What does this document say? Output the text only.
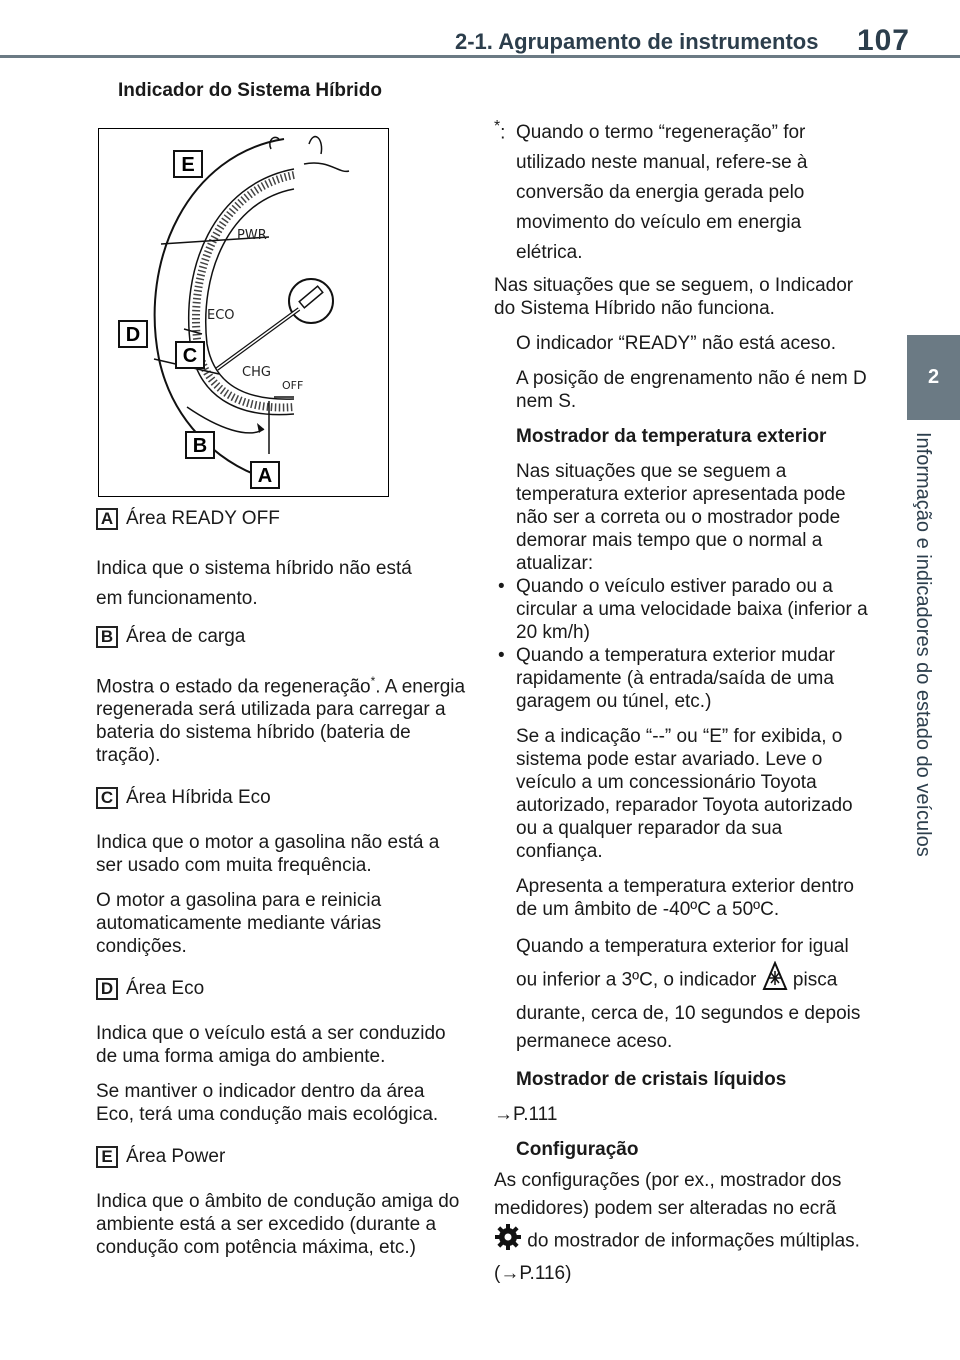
2-1. Agrupamento de instrumentos 107
2
Informação e indicadores do estado do veículos
Indicador do Sistema Híbrido
PWR
ECO
CHG
OFF
E
D
C
B
A
A Área READY OFF

Indica que o sistema híbrido não está
em funcionamento.

B Área de carga

Mostra o estado da regeneração*. A energia regenerada será utilizada para carregar a bateria do sistema híbrido (bateria de tração).

C Área Híbrida Eco

Indica que o motor a gasolina não está a ser usado com muita frequência.

O motor a gasolina para e reinicia automaticamente mediante várias condições.

D Área Eco

Indica que o veículo está a ser conduzido de uma forma amiga do ambiente.

Se mantiver o indicador dentro da área Eco, terá uma condução mais ecológica.

E Área Power

Indica que o âmbito de condução amiga do ambiente está a ser excedido (durante a condução com potência máxima, etc.)

*: Quando o termo “regeneração” for utilizado neste manual, refere-se à conversão da energia gerada pelo movimento do veículo em energia elétrica.

Nas situações que se seguem, o Indicador do Sistema Híbrido não funciona.

O indicador “READY” não está aceso.

A posição de engrenamento não é nem D nem S.

Mostrador da temperatura exterior

Nas situações que se seguem a temperatura exterior apresentada pode não ser a correta ou o mostrador pode demorar mais tempo que o normal a atualizar:

• Quando o veículo estiver parado ou a circular a uma velocidade baixa (inferior a 20 km/h)
• Quando a temperatura exterior mudar rapidamente (à entrada/saída de uma garagem ou túnel, etc.)

Se a indicação “--” ou “E” for exibida, o sistema pode estar avariado. Leve o veículo a um concessionário Toyota autorizado, reparador Toyota autorizado ou a qualquer reparador da sua confiança.

Apresenta a temperatura exterior dentro de um âmbito de -40ºC a 50ºC.

Quando a temperatura exterior for igual ou inferior a 3ºC, o indicador pisca durante, cerca de, 10 segundos e depois permanece aceso.

Mostrador de cristais líquidos

→P.111

Configuração

As configurações (por ex., mostrador dos medidores) podem ser alteradas no ecrã  do mostrador de informações múltiplas. (→P.116)
